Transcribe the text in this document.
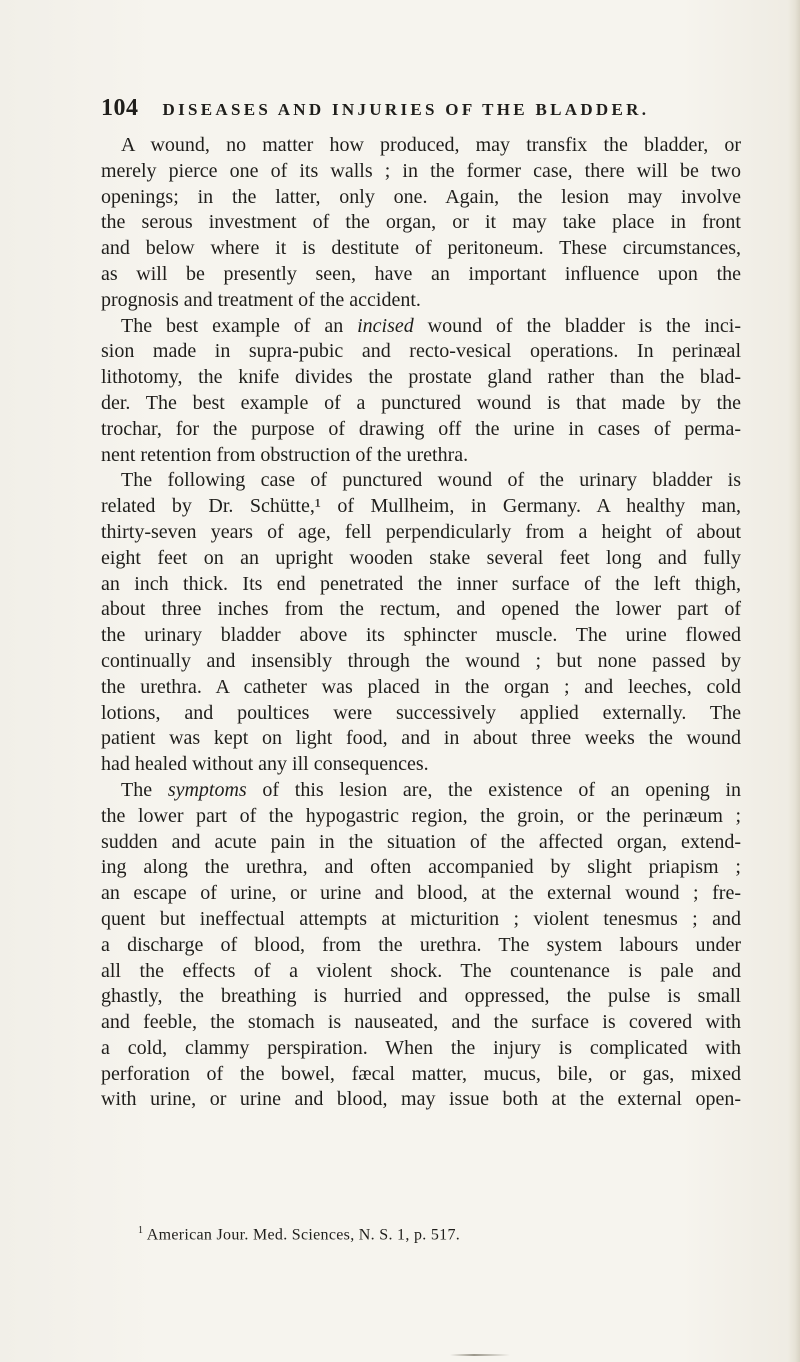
104 DISEASES AND INJURIES OF THE BLADDER.
A wound, no matter how produced, may transfix the bladder, or
merely pierce one of its walls ; in the former case, there will be two
openings; in the latter, only one. Again, the lesion may involve
the serous investment of the organ, or it may take place in front
and below where it is destitute of peritoneum. These circumstances,
as will be presently seen, have an important influence upon the
prognosis and treatment of the accident.
The best example of an incised wound of the bladder is the inci-
sion made in supra-pubic and recto-vesical operations. In perinæal
lithotomy, the knife divides the prostate gland rather than the blad-
der. The best example of a punctured wound is that made by the
trochar, for the purpose of drawing off the urine in cases of perma-
nent retention from obstruction of the urethra.
The following case of punctured wound of the urinary bladder is
related by Dr. Schütte,¹ of Mullheim, in Germany. A healthy man,
thirty-seven years of age, fell perpendicularly from a height of about
eight feet on an upright wooden stake several feet long and fully
an inch thick. Its end penetrated the inner surface of the left thigh,
about three inches from the rectum, and opened the lower part of
the urinary bladder above its sphincter muscle. The urine flowed
continually and insensibly through the wound ; but none passed by
the urethra. A catheter was placed in the organ ; and leeches, cold
lotions, and poultices were successively applied externally. The
patient was kept on light food, and in about three weeks the wound
had healed without any ill consequences.
The symptoms of this lesion are, the existence of an opening in
the lower part of the hypogastric region, the groin, or the perinæum ;
sudden and acute pain in the situation of the affected organ, extend-
ing along the urethra, and often accompanied by slight priapism ;
an escape of urine, or urine and blood, at the external wound ; fre-
quent but ineffectual attempts at micturition ; violent tenesmus ; and
a discharge of blood, from the urethra. The system labours under
all the effects of a violent shock. The countenance is pale and
ghastly, the breathing is hurried and oppressed, the pulse is small
and feeble, the stomach is nauseated, and the surface is covered with
a cold, clammy perspiration. When the injury is complicated with
perforation of the bowel, fæcal matter, mucus, bile, or gas, mixed
with urine, or urine and blood, may issue both at the external open-
$^1$ American Jour. Med. Sciences, N. S. 1, p. 517.
